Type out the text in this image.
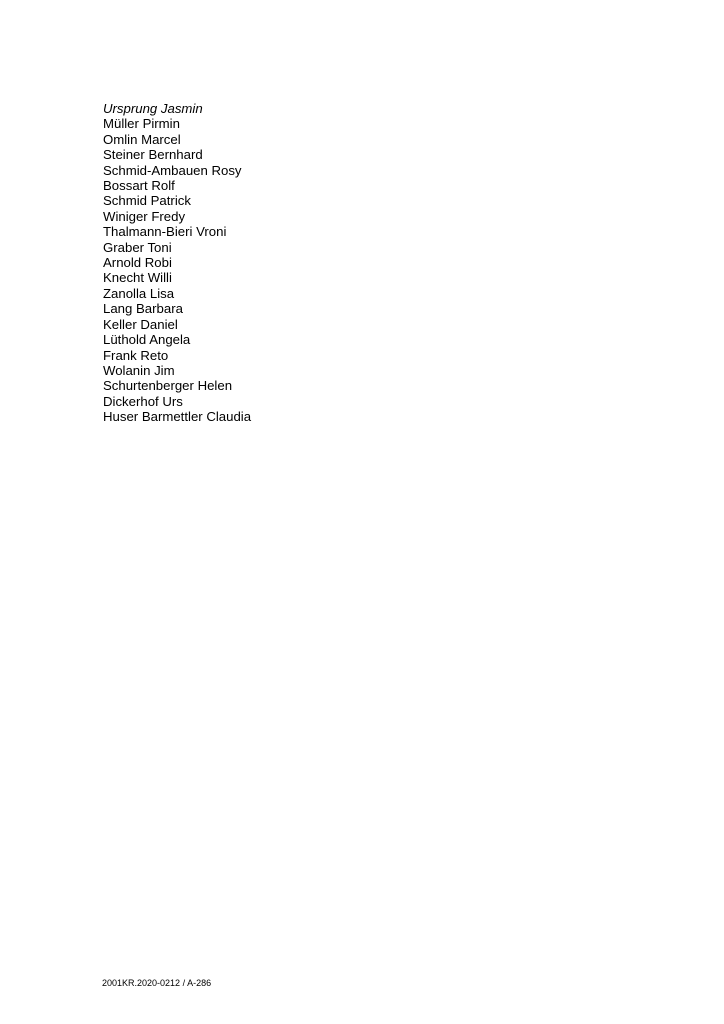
Ursprung Jasmin
Müller Pirmin
Omlin Marcel
Steiner Bernhard
Schmid-Ambauen Rosy
Bossart Rolf
Schmid Patrick
Winiger Fredy
Thalmann-Bieri Vroni
Graber Toni
Arnold Robi
Knecht Willi
Zanolla Lisa
Lang Barbara
Keller Daniel
Lüthold Angela
Frank Reto
Wolanin Jim
Schurtenberger Helen
Dickerhof Urs
Huser Barmettler Claudia
2001KR.2020-0212 / A-286
